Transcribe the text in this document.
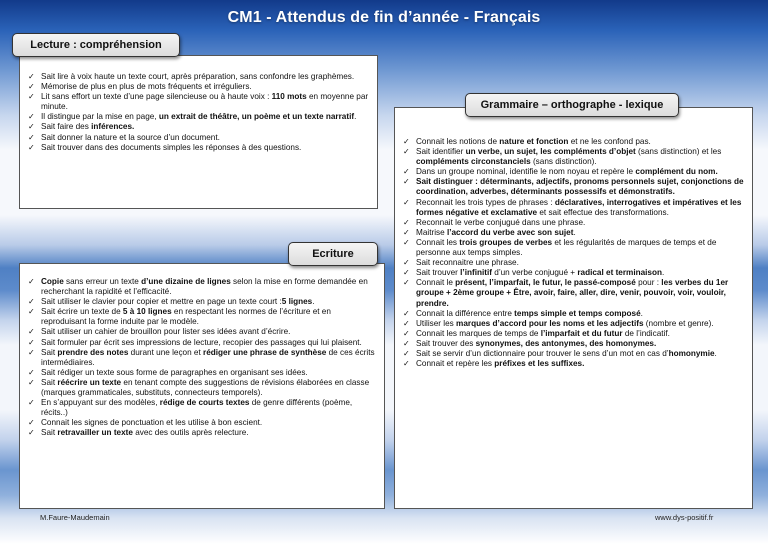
CM1 - Attendus de fin d’année - Français
✓ Sait lire à voix haute un texte court, après préparation, sans confondre les graphèmes.
✓ Mémorise de plus en plus de mots fréquents et irréguliers.
✓ Lit sans effort un texte d’une page silencieuse ou à haute voix : 110 mots en moyenne par minute.
✓ Il distingue par la mise en page, un extrait de théâtre, un poème et un texte narratif.
✓ Sait faire des inférences.
✓ Sait donner la nature et la source d’un document.
✓ Sait trouver dans des documents simples les réponses à des questions.
Lecture : compréhension
✓ Copie sans erreur un texte d’une dizaine de lignes selon la mise en forme demandée en recherchant la rapidité et l’efficacité.
✓ Sait utiliser le clavier pour copier et mettre en page un texte court :5 lignes.
✓ Sait écrire un texte de 5 à 10 lignes en respectant les normes de l’écriture et en reproduisant la forme induite par le modèle.
✓ Sait utiliser un cahier de brouillon pour lister ses idées avant d’écrire.
✓ Sait formuler par écrit ses impressions de lecture, recopier des passages qui lui plaisent.
✓ Sait prendre des notes durant une leçon et rédiger une phrase de synthèse de ces écrits intermédiaires.
✓ Sait rédiger un texte sous forme de paragraphes en organisant ses idées.
✓ Sait réécrire un texte en tenant compte des suggestions de révisions élaborées en classe (marques grammaticales, substituts, connecteurs temporels).
✓ En s’appuyant sur des modèles, rédige de courts textes de genre différents (poème, récits..)
✓ Connait les signes de ponctuation et les utilise à bon escient.
✓ Sait retravailler un texte avec des outils après relecture.
Ecriture
✓ Connait les notions de nature et fonction et ne les confond pas.
✓ Sait identifier un verbe, un sujet, les compléments d’objet (sans distinction) et les compléments circonstanciels (sans distinction).
✓ Dans un groupe nominal, identifie le nom noyau et repère le complément du nom.
✓ Sait distinguer : déterminants, adjectifs, pronoms personnels sujet, conjonctions de coordination, adverbes, déterminants possessifs et démonstratifs.
✓ Reconnait les trois types de phrases : déclaratives, interrogatives et impératives et les formes négative et exclamative et sait effectue des transformations.
✓ Reconnait le verbe conjugué dans une phrase.
✓ Maitrise l’accord du verbe avec son sujet.
✓ Connait les trois groupes de verbes et les régularités de marques de temps et de personne aux temps simples.
✓ Sait reconnaitre une phrase.
✓ Sait trouver l’infinitif d’un verbe conjugué + radical et terminaison.
✓ Connait le présent, l’imparfait, le futur, le passé-composé pour : les verbes du 1er groupe + 2ème groupe + Être, avoir, faire, aller, dire, venir, pouvoir, voir, vouloir, prendre.
✓ Connait la différence entre temps simple et temps composé.
✓ Utiliser les marques d’accord pour les noms et les adjectifs (nombre et genre).
✓ Connait les marques de temps de l’imparfait et du futur de l’indicatif.
✓ Sait trouver des synonymes, des antonymes, des homonymes.
✓ Sait se servir d’un dictionnaire pour trouver le sens d’un mot en cas d’homonymie.
✓ Connait et repère les préfixes et les suffixes.
Grammaire – orthographe - lexique
M.Faure-Maudemain	www.dys-positif.fr
